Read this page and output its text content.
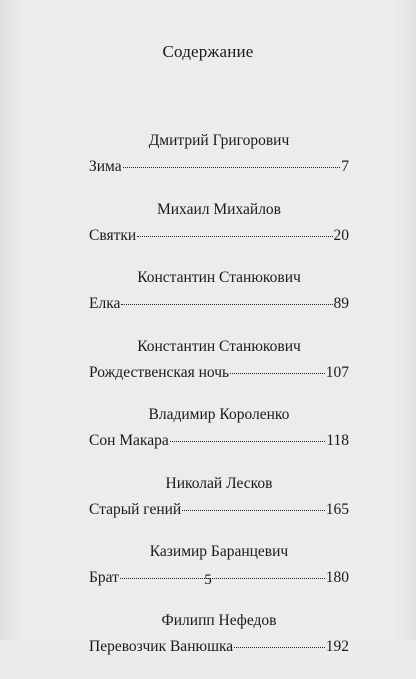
Содержание
Дмитрий Григорович
Зима	7
Михаил Михайлов
Святки	20
Константин Станюкович
Елка	89
Константин Станюкович
Рождественская ночь	107
Владимир Короленко
Сон Макара	118
Николай Лесков
Старый гений	165
Казимир Баранцевич
Брат	180
Филипп Нефедов
Перевозчик Ванюшка	192
5
